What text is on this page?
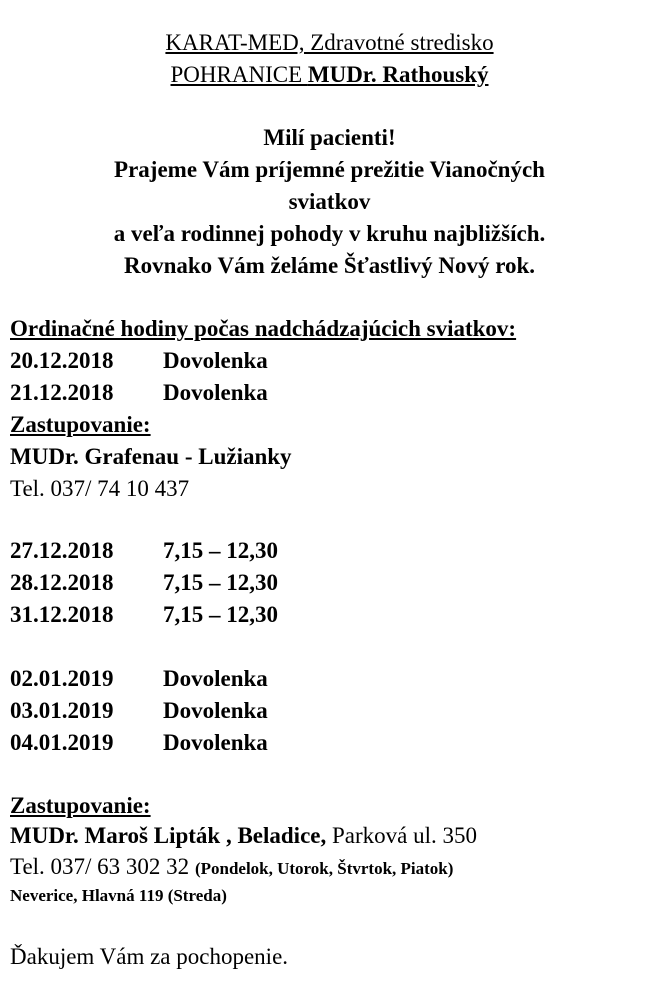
KARAT-MED, Zdravotné stredisko
POHRANICE MUDr. Rathouský
Milí pacienti!
Prajeme Vám príjemné prežitie Vianočných
sviatkov
a veľa rodinnej pohody v kruhu najbližších.
Rovnako Vám želáme Šťastlivý Nový rok.
Ordinačné hodiny počas nadchádzajúcich sviatkov:
20.12.2018 Dovolenka
21.12.2018 Dovolenka
Zastupovanie:
MUDr. Grafenau - Lužianky
Tel. 037/ 74 10 437
27.12.2018 7,15 – 12,30
28.12.2018 7,15 – 12,30
31.12.2018 7,15 – 12,30
02.01.2019 Dovolenka
03.01.2019 Dovolenka
04.01.2019 Dovolenka
Zastupovanie:
MUDr. Maroš Lipták , Beladice, Parková ul. 350
Tel. 037/ 63 302 32 (Pondelok, Utorok, Štvrtok, Piatok)
Neverice, Hlavná 119 (Streda)
Ďakujem Vám za pochopenie.
